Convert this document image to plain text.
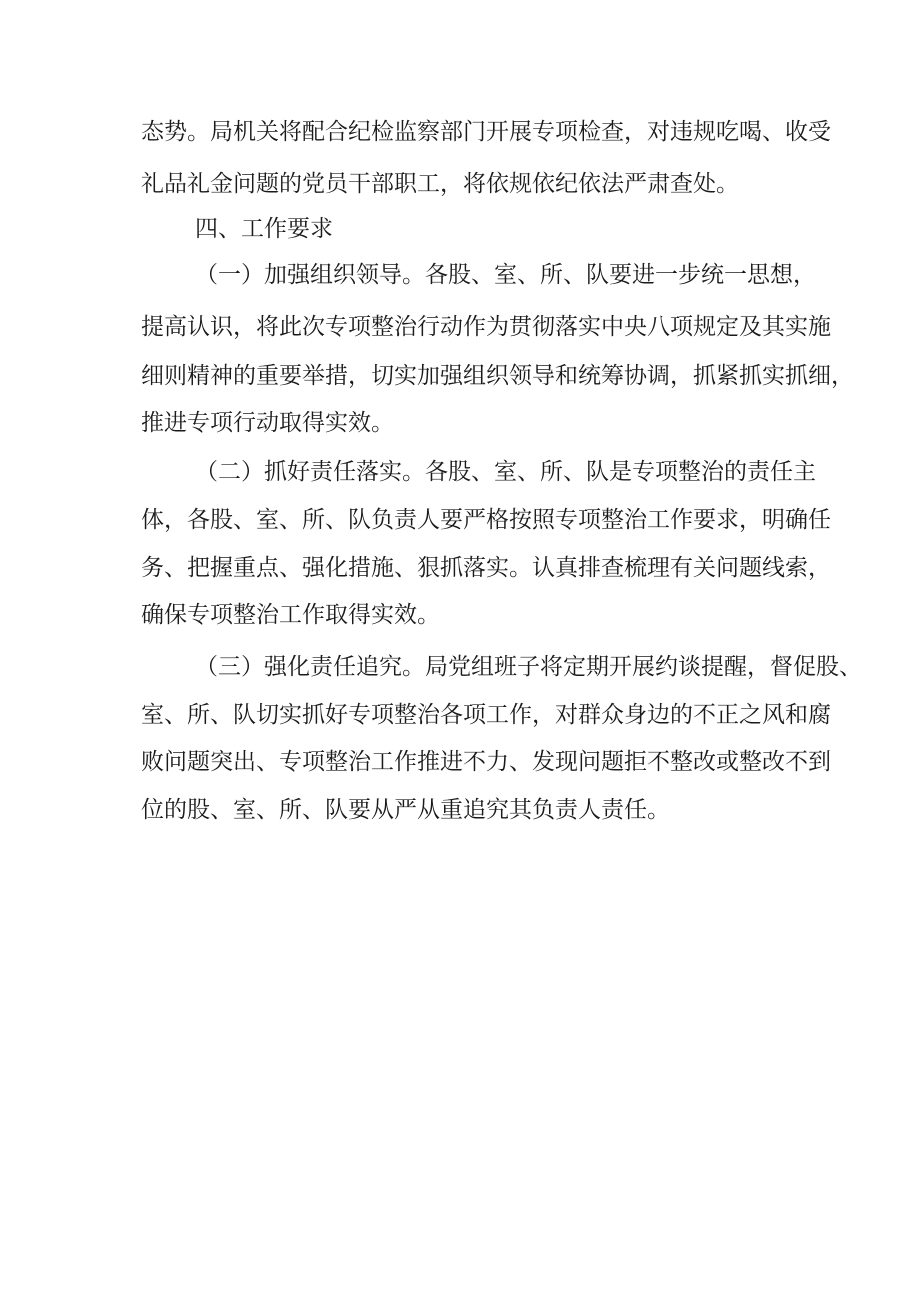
态势。局机关将配合纪检监察部门开展专项检查，对违规吃喝、收受
礼品礼金问题的党员干部职工，将依规依纪依法严肃查处。
四、工作要求
（一）加强组织领导。各股、室、所、队要进一步统一思想，
提高认识，将此次专项整治行动作为贯彻落实中央八项规定及其实施
细则精神的重要举措，切实加强组织领导和统筹协调，抓紧抓实抓细，
推进专项行动取得实效。
（二）抓好责任落实。各股、室、所、队是专项整治的责任主
体，各股、室、所、队负责人要严格按照专项整治工作要求，明确任
务、把握重点、强化措施、狠抓落实。认真排查梳理有关问题线索，
确保专项整治工作取得实效。
（三）强化责任追究。局党组班子将定期开展约谈提醒，督促股、
室、所、队切实抓好专项整治各项工作，对群众身边的不正之风和腐
败问题突出、专项整治工作推进不力、发现问题拒不整改或整改不到
位的股、室、所、队要从严从重追究其负责人责任。
